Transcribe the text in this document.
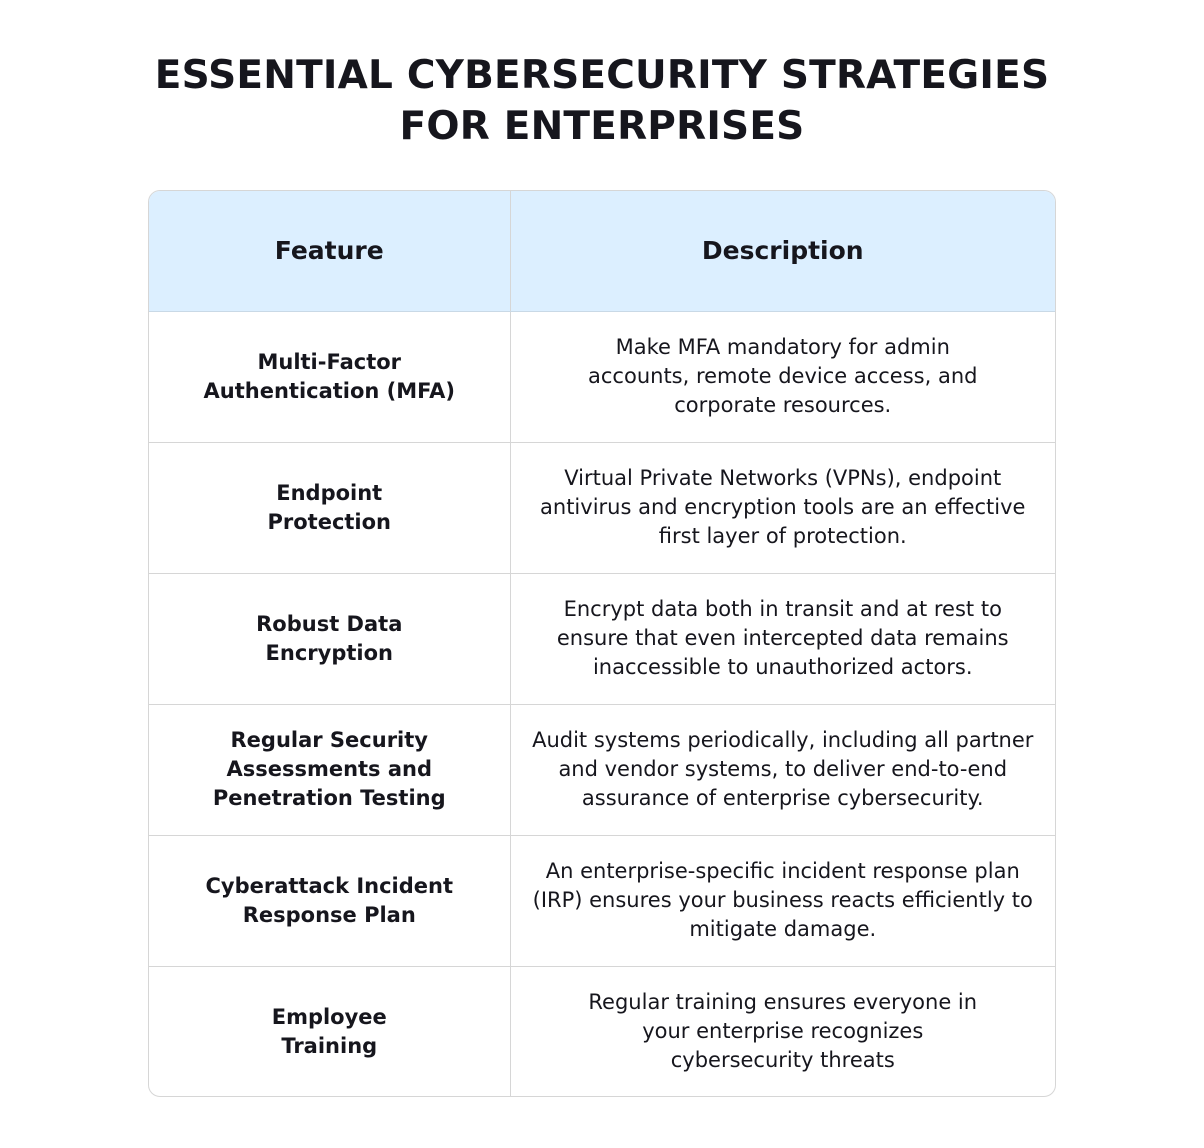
ESSENTIAL CYBERSECURITY STRATEGIES
FOR ENTERPRISES
Feature	Description
Multi-Factor Authentication (MFA)	Make MFA mandatory for admin accounts, remote device access, and corporate resources.
Endpoint Protection	Virtual Private Networks (VPNs), endpoint antivirus and encryption tools are an effective first layer of protection.
Robust Data Encryption	Encrypt data both in transit and at rest to ensure that even intercepted data remains inaccessible to unauthorized actors.
Regular Security Assessments and Penetration Testing	Audit systems periodically, including all partner and vendor systems, to deliver end-to-end assurance of enterprise cybersecurity.
Cyberattack Incident Response Plan	An enterprise-specific incident response plan (IRP) ensures your business reacts efficiently to mitigate damage.
Employee Training	Regular training ensures everyone in your enterprise recognizes cybersecurity threats
